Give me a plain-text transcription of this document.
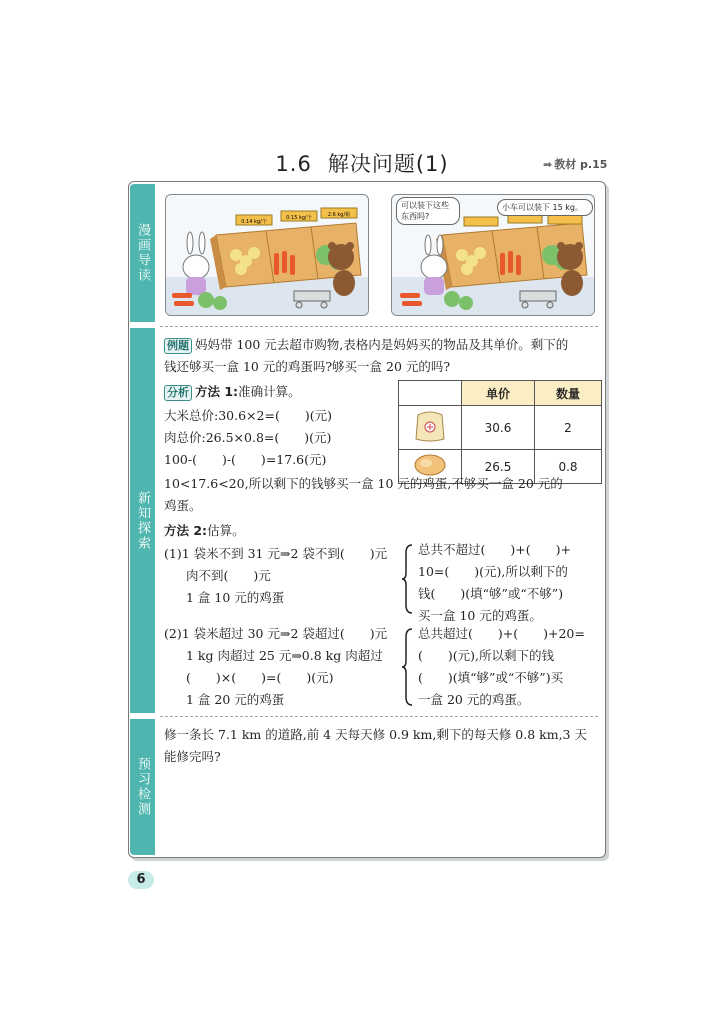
1.6 解决问题(1)	➡ 教材 p.15
漫画导读
新知探索
预习检测
0.14 kg/个
0.15 kg/个	2.6 kg/箱
可以装下这些东西吗?
小车可以装下 15 kg。
例题 妈妈带 100 元去超市购物,表格内是妈妈买的物品及其单价。剩下的
钱还够买一盒 10 元的鸡蛋吗?够买一盒 20 元的吗?
分析 方法 1:准确计算。
大米总价:30.6×2=(　　)(元)
肉总价:26.5×0.8=(　　)(元)
100-(　　)-(　　)=17.6(元)
	单价	数量
	30.6	2
	26.5	0.8
10<17.6<20,所以剩下的钱够买一盒 10 元的鸡蛋,不够买一盒 20 元的
鸡蛋。
方法 2:估算。
(1)1 袋米不到 31 元⇒2 袋不到(　　)元
肉不到(　　)元
1 盒 10 元的鸡蛋
总共不超过(　　)+(　　)+
10=(　　)(元),所以剩下的
钱(　　)(填“够”或“不够”)
买一盒 10 元的鸡蛋。
(2)1 袋米超过 30 元⇒2 袋超过(　　)元
1 kg 肉超过 25 元⇒0.8 kg 肉超过
(　　)×(　　)=(　　)(元)
1 盒 20 元的鸡蛋
总共超过(　　)+(　　)+20=
(　　)(元),所以剩下的钱
(　　)(填“够”或“不够”)买
一盒 20 元的鸡蛋。
修一条长 7.1 km 的道路,前 4 天每天修 0.9 km,剩下的每天修 0.8 km,3 天
能修完吗?
6
